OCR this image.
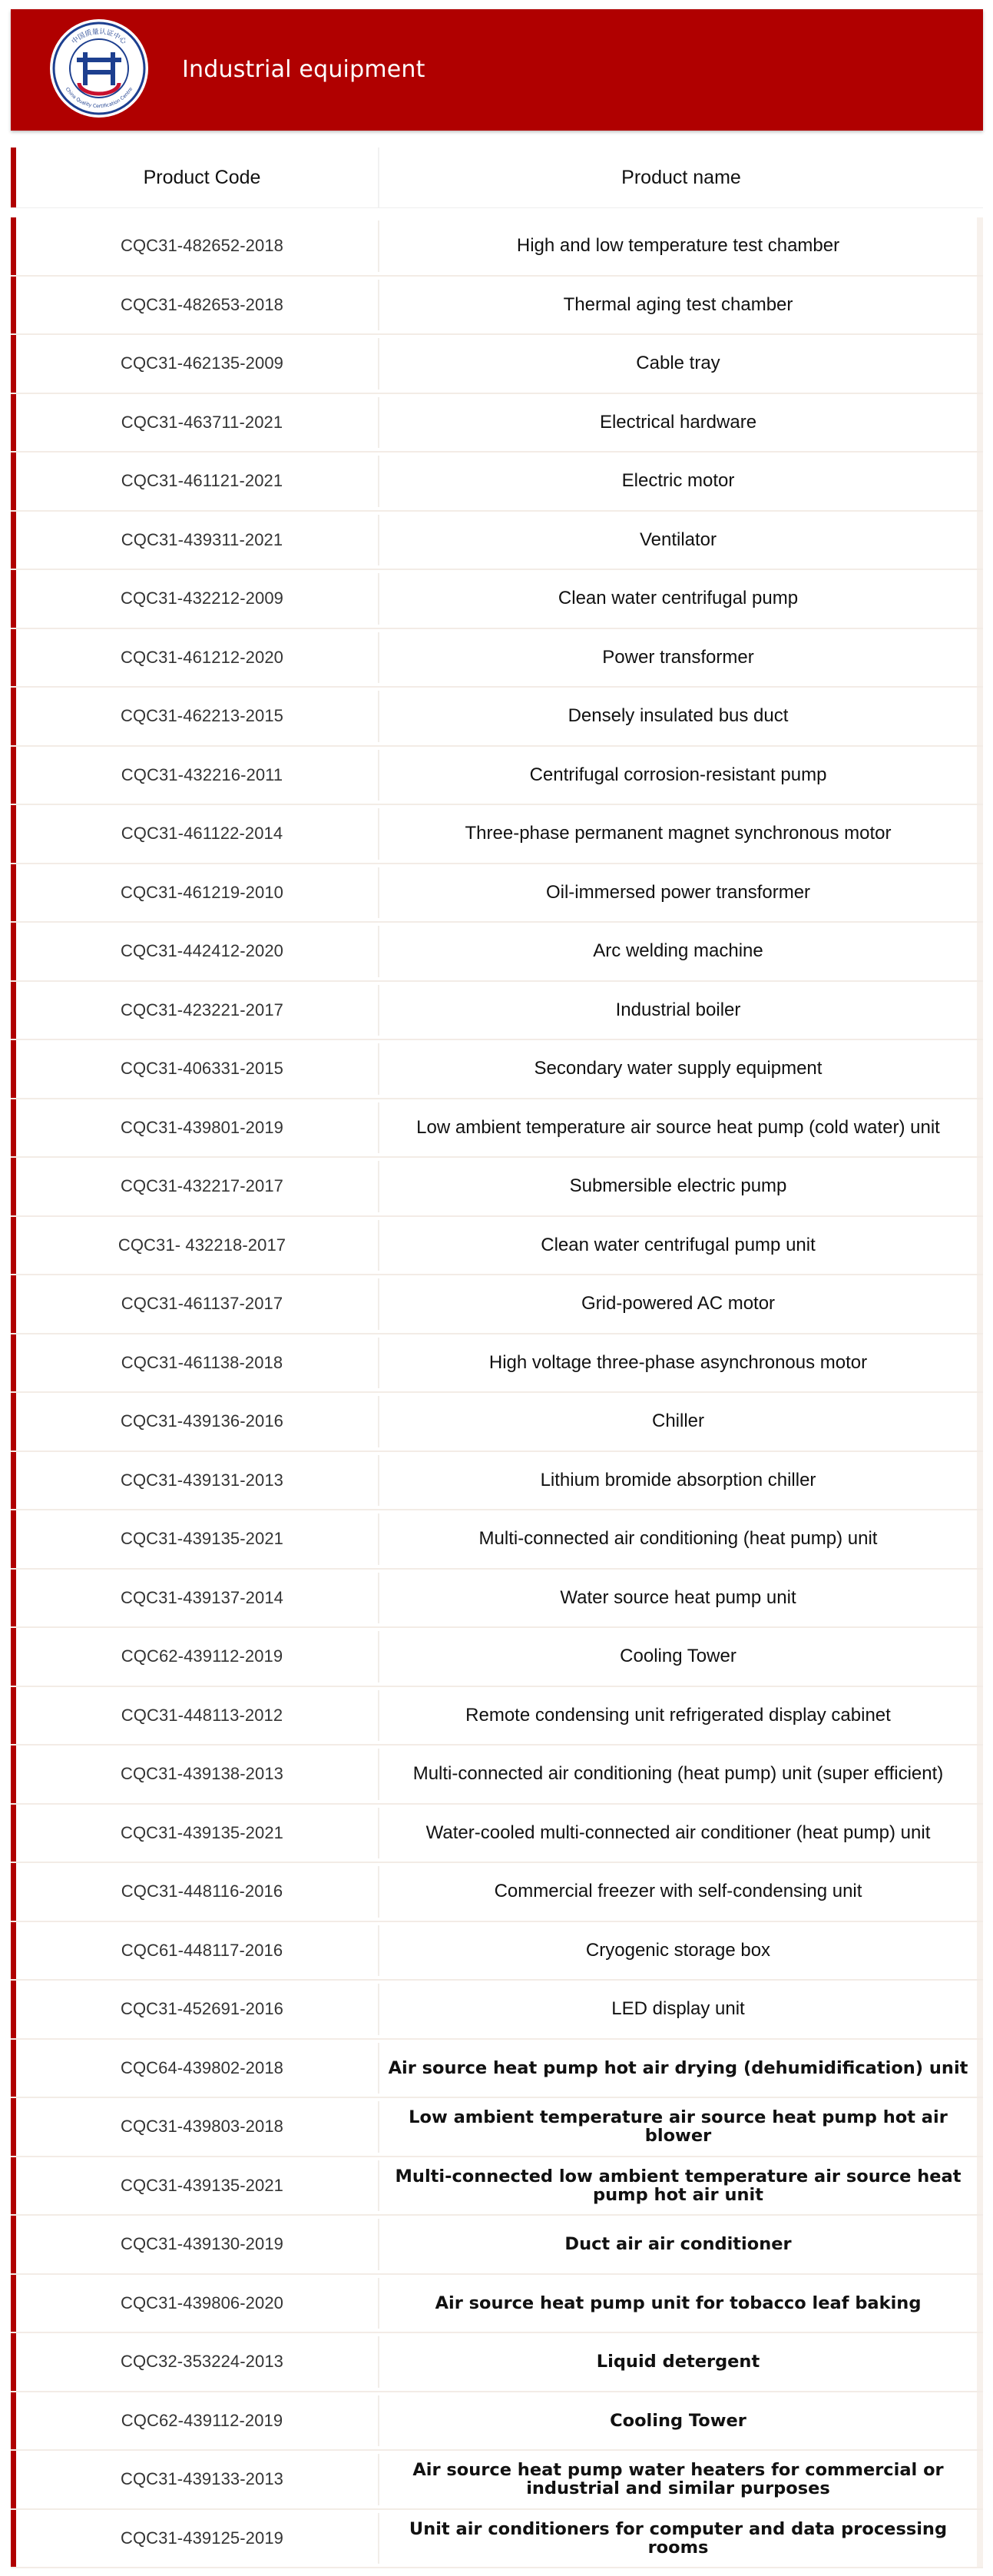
中国质量认证中心
China Quality Certification Centre
Industrial equipment
Product Code	Product name
CQC31-482652-2018	High and low temperature test chamber
CQC31-482653-2018	Thermal aging test chamber
CQC31-462135-2009	Cable tray
CQC31-463711-2021	Electrical hardware
CQC31-461121-2021	Electric motor
CQC31-439311-2021	Ventilator
CQC31-432212-2009	Clean water centrifugal pump
CQC31-461212-2020	Power transformer
CQC31-462213-2015	Densely insulated bus duct
CQC31-432216-2011	Centrifugal corrosion-resistant pump
CQC31-461122-2014	Three-phase permanent magnet synchronous motor
CQC31-461219-2010	Oil-immersed power transformer
CQC31-442412-2020	Arc welding machine
CQC31-423221-2017	Industrial boiler
CQC31-406331-2015	Secondary water supply equipment
CQC31-439801-2019	Low ambient temperature air source heat pump (cold water) unit
CQC31-432217-2017	Submersible electric pump
CQC31- 432218-2017	Clean water centrifugal pump unit
CQC31-461137-2017	Grid-powered AC motor
CQC31-461138-2018	High voltage three-phase asynchronous motor
CQC31-439136-2016	Chiller
CQC31-439131-2013	Lithium bromide absorption chiller
CQC31-439135-2021	Multi-connected air conditioning (heat pump) unit
CQC31-439137-2014	Water source heat pump unit
CQC62-439112-2019	Cooling Tower
CQC31-448113-2012	Remote condensing unit refrigerated display cabinet
CQC31-439138-2013	Multi-connected air conditioning (heat pump) unit (super efficient)
CQC31-439135-2021	Water-cooled multi-connected air conditioner (heat pump) unit
CQC31-448116-2016	Commercial freezer with self-condensing unit
CQC61-448117-2016	Cryogenic storage box
CQC31-452691-2016	LED display unit
CQC64-439802-2018	Air source heat pump hot air drying (dehumidification) unit
CQC31-439803-2018	Low ambient temperature air source heat pump hot air blower
CQC31-439135-2021	Multi-connected low ambient temperature air source heat pump hot air unit
CQC31-439130-2019	Duct air air conditioner
CQC31-439806-2020	Air source heat pump unit for tobacco leaf baking
CQC32-353224-2013	Liquid detergent
CQC62-439112-2019	Cooling Tower
CQC31-439133-2013	Air source heat pump water heaters for commercial or industrial and similar purposes
CQC31-439125-2019	Unit air conditioners for computer and data processing rooms
